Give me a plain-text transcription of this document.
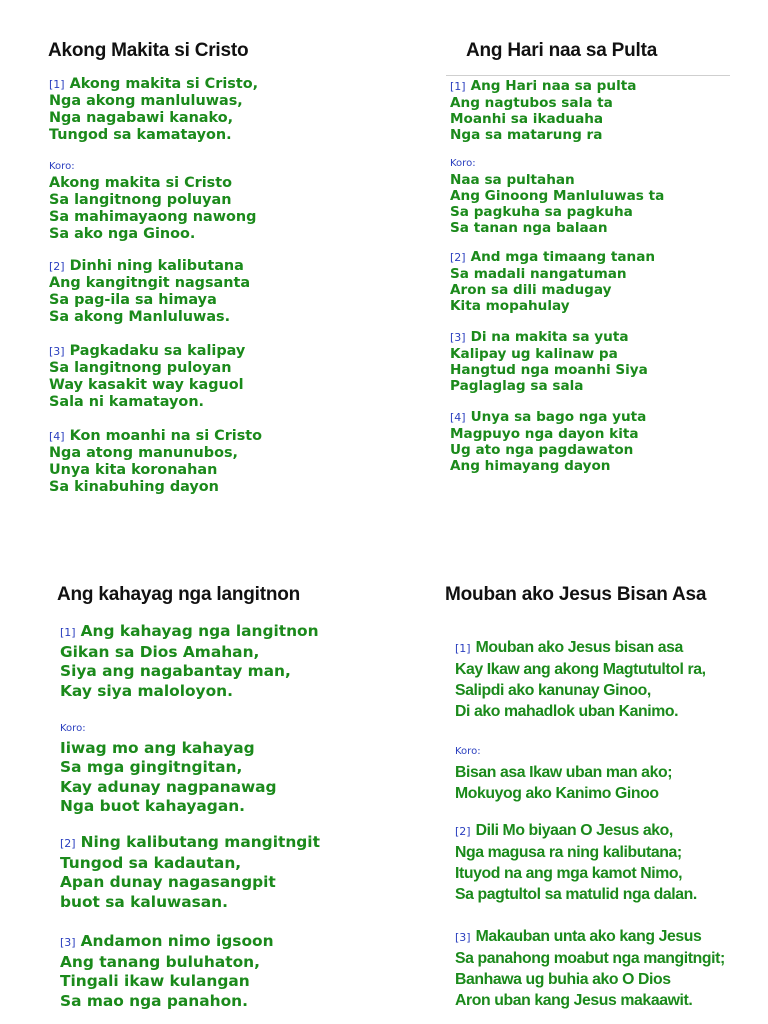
Akong Makita si Cristo
[1] Akong makita si Cristo,
Nga akong manluluwas,
Nga nagabawi kanako,
Tungod sa kamatayon.
Koro:
Akong makita si Cristo
Sa langitnong poluyan
Sa mahimayaong nawong
Sa ako nga Ginoo.
[2] Dinhi ning kalibutana
Ang kangitngit nagsanta
Sa pag-ila sa himaya
Sa akong Manluluwas.
[3] Pagkadaku sa kalipay
Sa langitnong puloyan
Way kasakit way kaguol
Sala ni kamatayon.
[4] Kon moanhi na si Cristo
Nga atong manunubos,
Unya kita koronahan
Sa kinabuhing dayon
Ang Hari naa sa Pulta
[1] Ang Hari naa sa pulta
Ang nagtubos sala ta
Moanhi sa ikaduaha
Nga sa matarung ra
Koro:
Naa sa pultahan
Ang Ginoong Manluluwas ta
Sa pagkuha sa pagkuha
Sa tanan nga balaan
[2] And mga timaang tanan
Sa madali nangatuman
Aron sa dili madugay
Kita mopahulay
[3] Di na makita sa yuta
Kalipay ug kalinaw pa
Hangtud nga moanhi Siya
Paglaglag sa sala
[4] Unya sa bago nga yuta
Magpuyo nga dayon kita
Ug ato nga pagdawaton
Ang himayang dayon
Ang kahayag nga langitnon
[1] Ang kahayag nga langitnon
Gikan sa Dios Amahan,
Siya ang nagabantay man,
Kay siya maloloyon.
Koro:
Iiwag mo ang kahayag
Sa mga gingitngitan,
Kay adunay nagpanawag
Nga buot kahayagan.
[2] Ning kalibutang mangitngit
Tungod sa kadautan,
Apan dunay nagasangpit
buot sa kaluwasan.
[3] Andamon nimo igsoon
Ang tanang buluhaton,
Tingali ikaw kulangan
Sa mao nga panahon.
Mouban ako Jesus Bisan Asa
[1] Mouban ako Jesus bisan asa
Kay Ikaw ang akong Magtutultol ra,
Salipdi ako kanunay Ginoo,
Di ako mahadlok uban Kanimo.
Koro:
Bisan asa Ikaw uban man ako;
Mokuyog ako Kanimo Ginoo
[2] Dili Mo biyaan O Jesus ako,
Nga magusa ra ning kalibutana;
Ituyod na ang mga kamot Nimo,
Sa pagtultol sa matulid nga dalan.
[3] Makauban unta ako kang Jesus
Sa panahong moabut nga mangitngit;
Banhawa ug buhia ako O Dios
Aron uban kang Jesus makaawit.
